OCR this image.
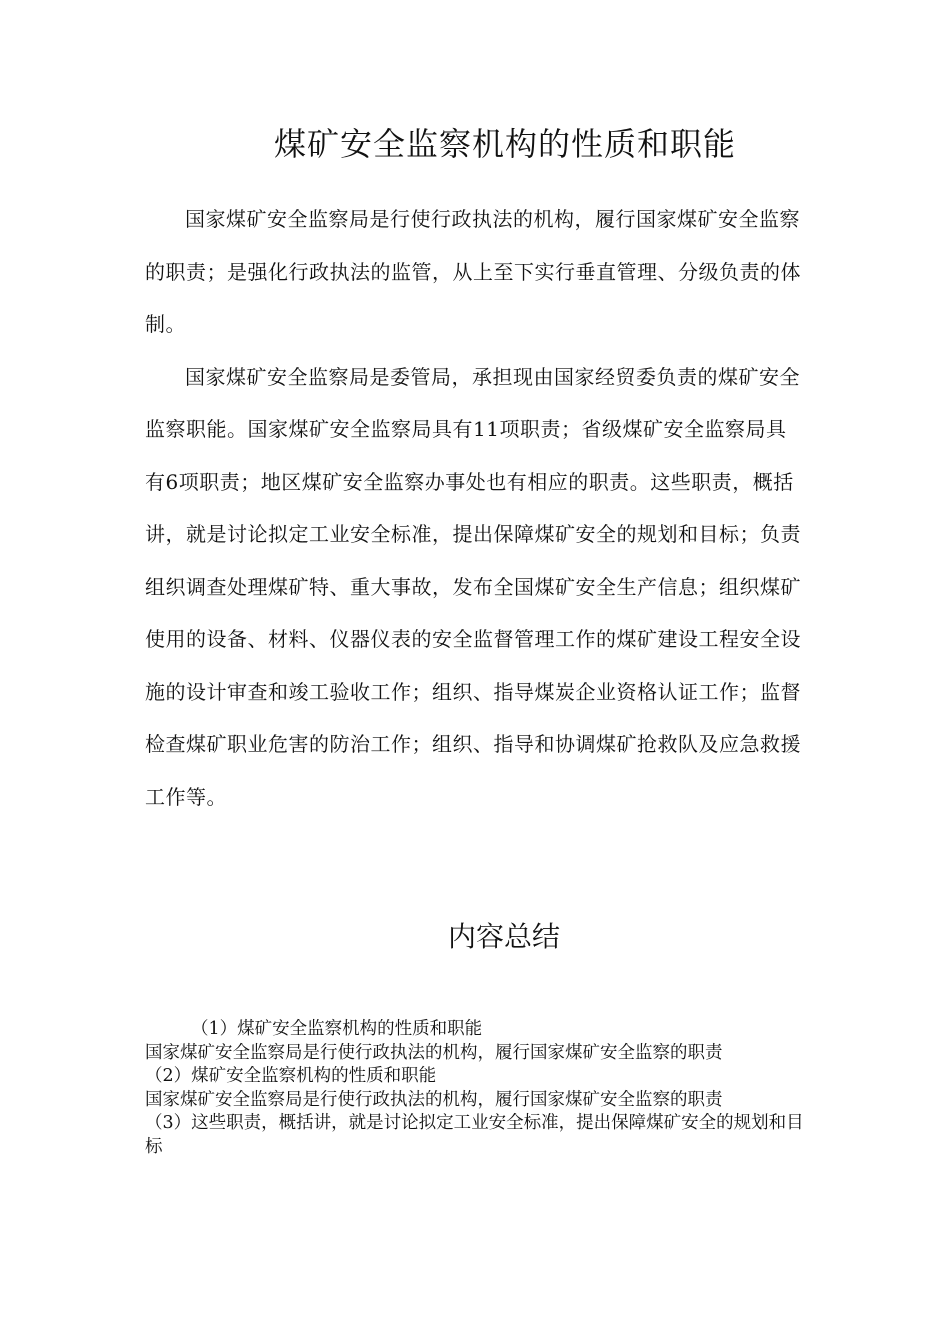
煤矿安全监察机构的性质和职能

国家煤矿安全监察局是行使行政执法的机构，履行国家煤矿安全监察的职责；是强化行政执法的监管，从上至下实行垂直管理、分级负责的体制。

国家煤矿安全监察局是委管局，承担现由国家经贸委负责的煤矿安全监察职能。国家煤矿安全监察局具有11项职责；省级煤矿安全监察局具有6项职责；地区煤矿安全监察办事处也有相应的职责。这些职责，概括讲，就是讨论拟定工业安全标准，提出保障煤矿安全的规划和目标；负责组织调查处理煤矿特、重大事故，发布全国煤矿安全生产信息；组织煤矿使用的设备、材料、仪器仪表的安全监督管理工作的煤矿建设工程安全设施的设计审查和竣工验收工作；组织、指导煤炭企业资格认证工作；监督检查煤矿职业危害的防治工作；组织、指导和协调煤矿抢救队及应急救援工作等。

内容总结
（1）煤矿安全监察机构的性质和职能
国家煤矿安全监察局是行使行政执法的机构，履行国家煤矿安全监察的职责
（2）煤矿安全监察机构的性质和职能
国家煤矿安全监察局是行使行政执法的机构，履行国家煤矿安全监察的职责
（3）这些职责，概括讲，就是讨论拟定工业安全标准，提出保障煤矿安全的规划和目标
